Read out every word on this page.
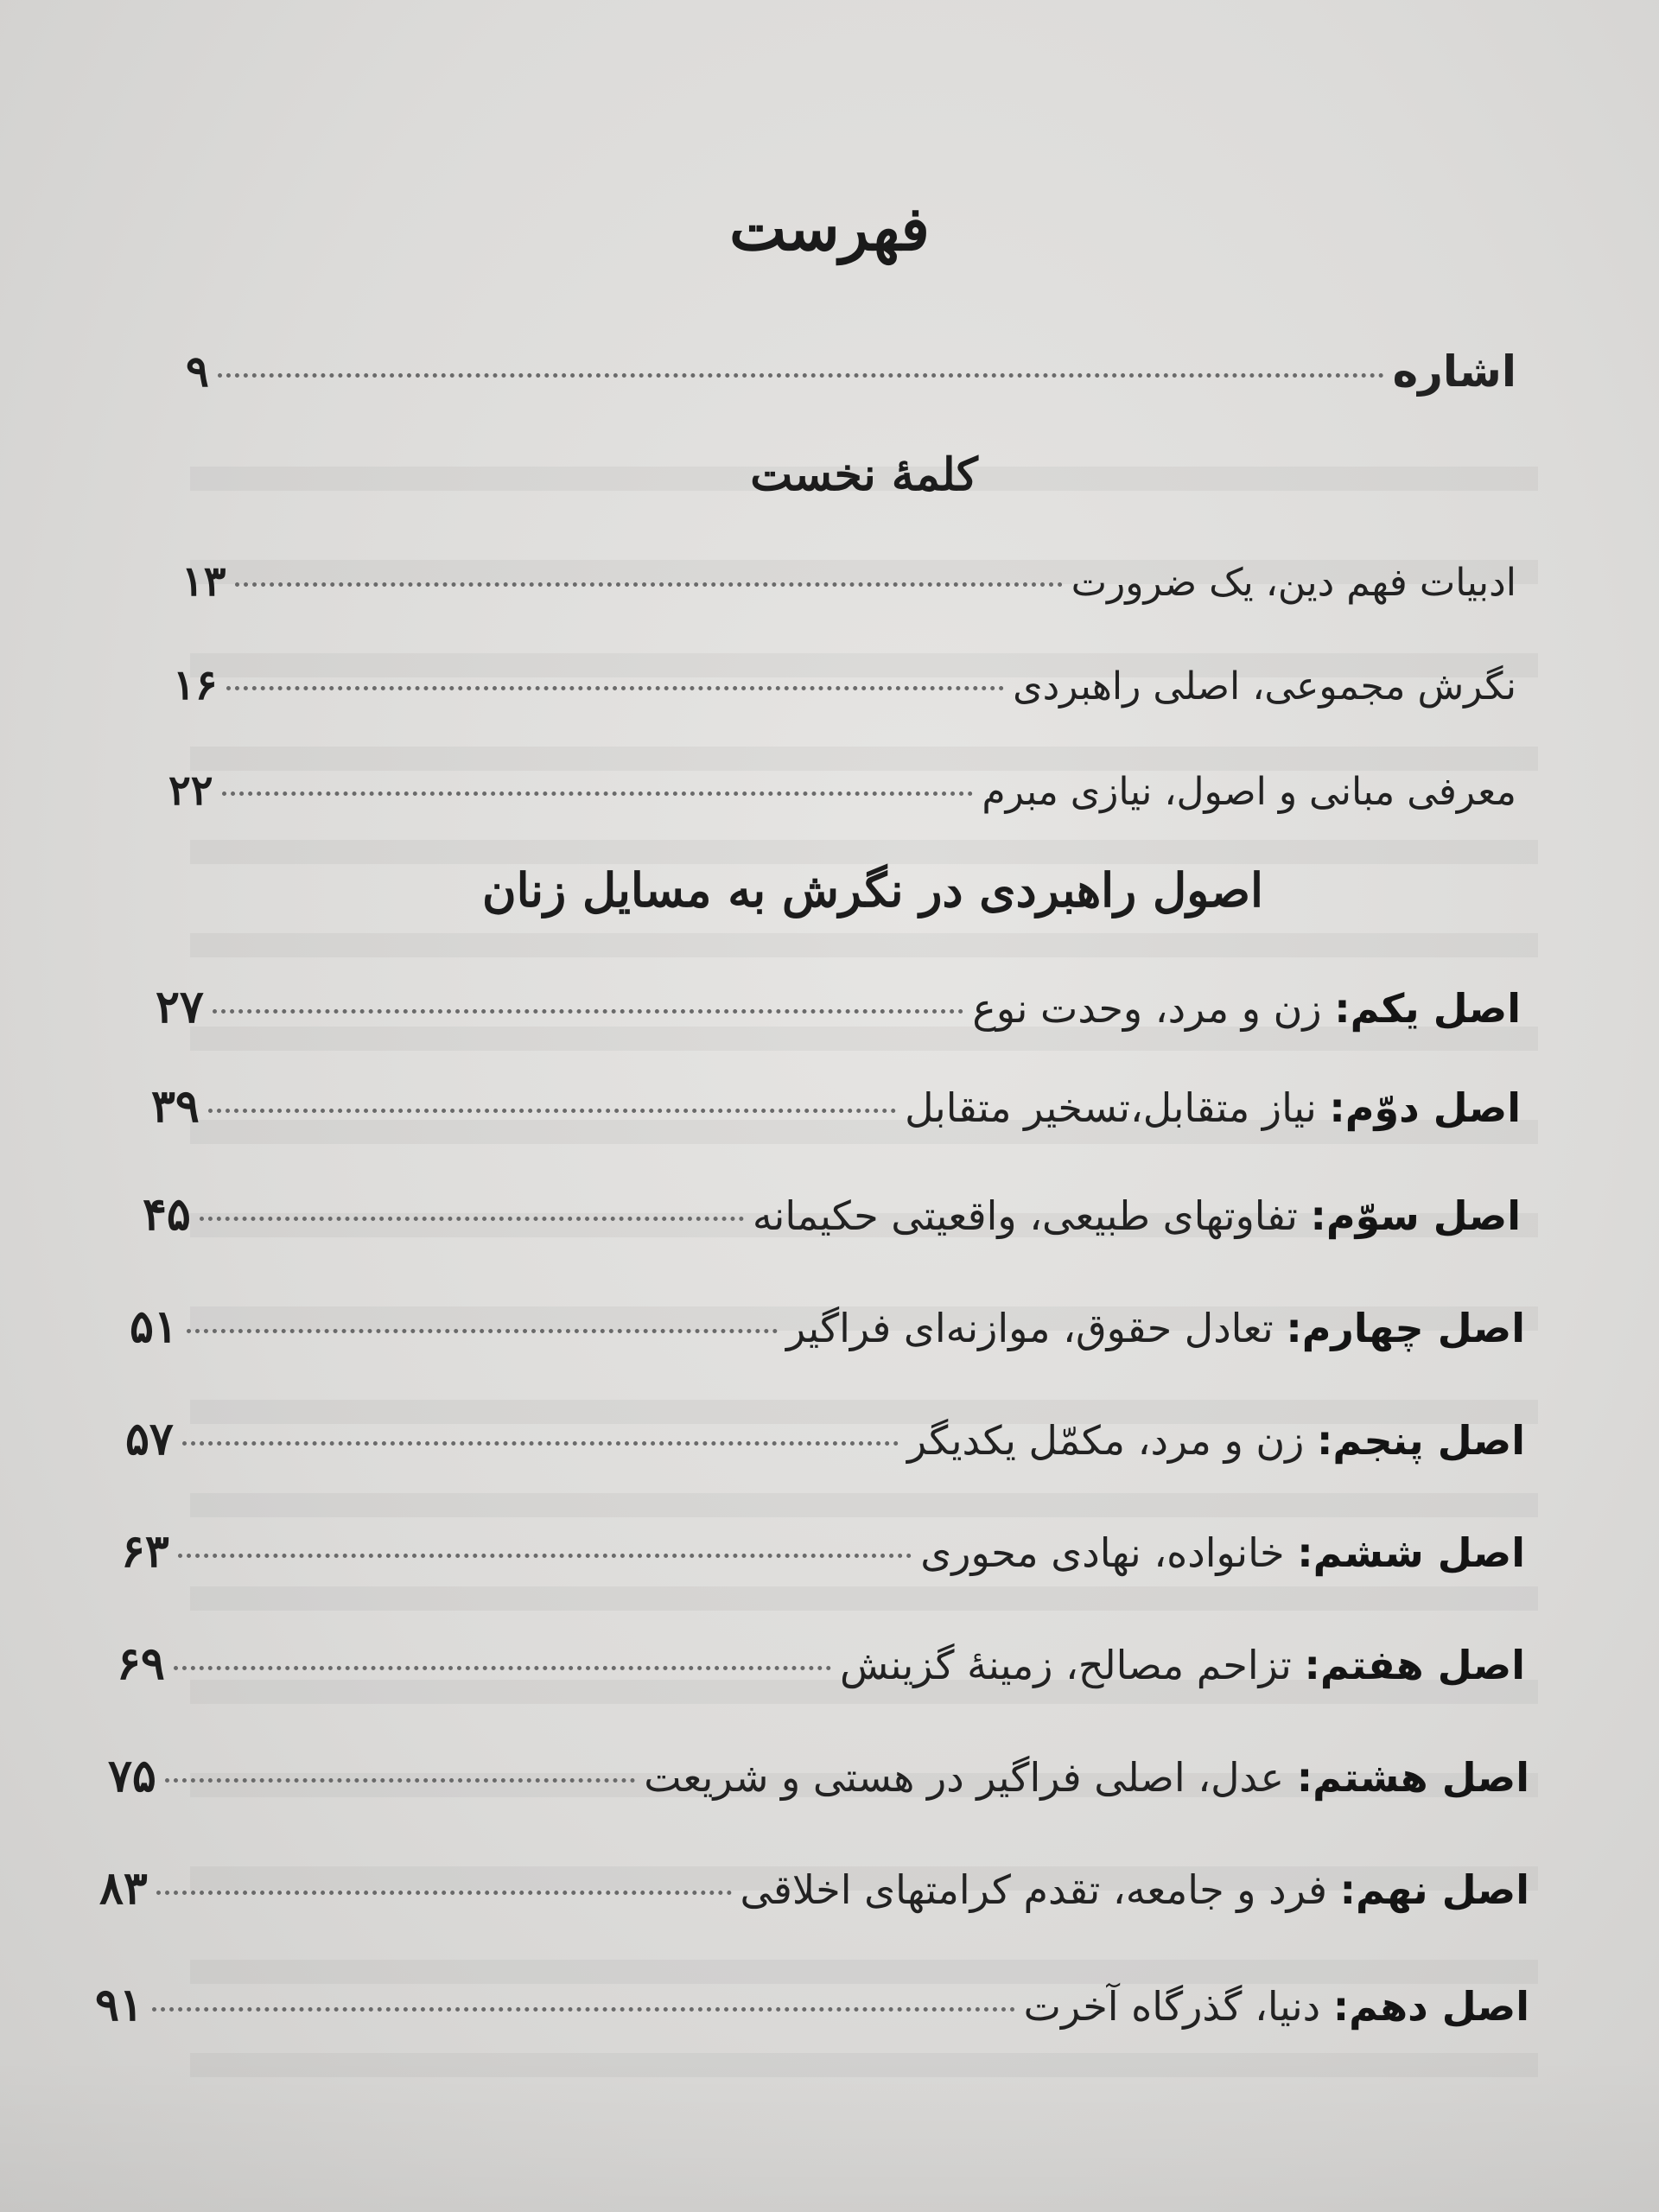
فهرست
اشاره
۹
کلمهٔ نخست
ادبیات فهم دین، یک ضرورت
۱۳
نگرش مجموعی، اصلی راهبردی
۱۶
معرفی مبانی و اصول، نیازی مبرم
۲۲
اصول راهبردی در نگرش به مسایل زنان
اصل یکم: زن و مرد، وحدت نوع
۲۷
اصل دوّم: نیاز متقابل،تسخیر متقابل
۳۹
اصل سوّم: تفاوتهای طبیعی، واقعیتی حکیمانه
۴۵
اصل چهارم: تعادل حقوق، موازنه‌ای فراگیر
۵۱
اصل پنجم: زن و مرد، مکمّل یکدیگر
۵۷
اصل ششم: خانواده، نهادی محوری
۶۳
اصل هفتم: تزاحم مصالح، زمینهٔ گزینش
۶۹
اصل هشتم: عدل، اصلی فراگیر در هستی و شریعت
۷۵
اصل نهم: فرد و جامعه، تقدم کرامتهای اخلاقی
۸۳
اصل دهم: دنیا، گذرگاه آخرت
۹۱
